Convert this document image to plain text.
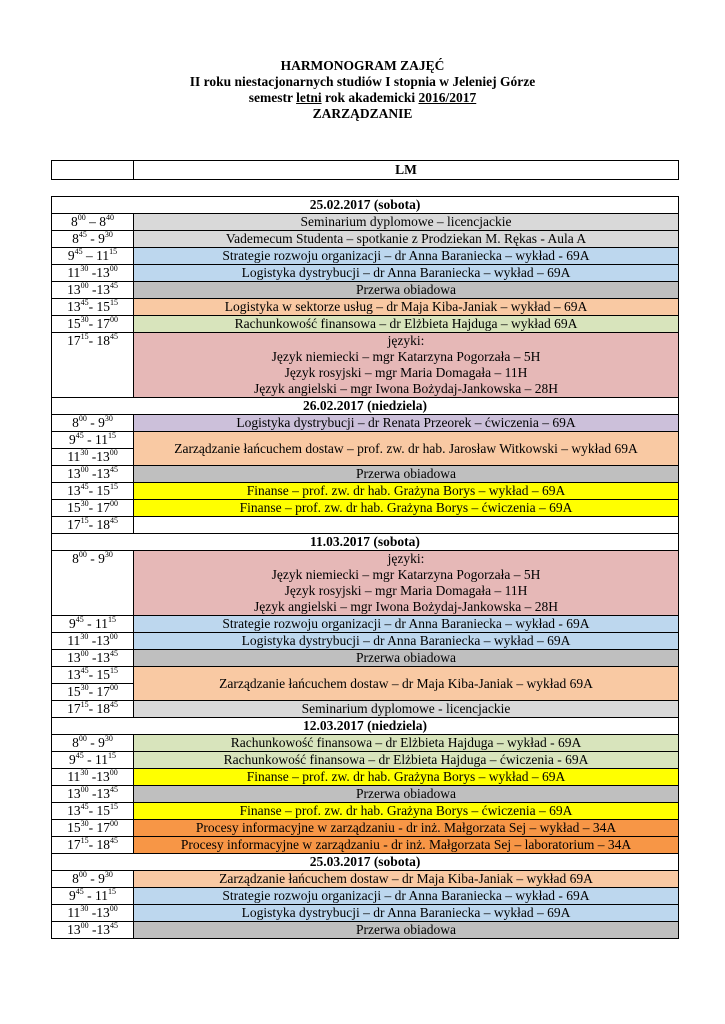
HARMONOGRAM ZAJĘĆ
II roku niestacjonarnych studiów I stopnia w Jeleniej Górze
semestr letni rok akademicki 2016/2017
ZARZĄDZANIE
	LM
25.02.2017 (sobota)	
$8^{00} - 8^{40}$	Seminarium dyplomowe – licencjackie

$8^{45} - 9^{30}$	Vademecum Studenta – spotkanie z Prodziekan M. Rękas - Aula A

$9^{45} - 11^{15}$	Strategie rozwoju organizacji – dr Anna Baraniecka – wykład - 69A

$11^{30}$ $-13^{00}$	Logistyka dystrybucji – dr Anna Baraniecka – wykład – 69A

$13^{00}$ $-13^{45}$	Przerwa obiadowa

$13^{45}-$ $15^{15}$	Logistyka w sektorze usług – dr Maja Kiba-Janiak – wykład – 69A

$15^{30}-$ $17^{00}$	Rachunkowość finansowa – dr Elżbieta Hajduga – wykład 69A

$17^{15}-$ $18^{45}$	języki:
Język niemiecki – mgr Katarzyna Pogorzała – 5H
Język rosyjski – mgr Maria Domagała – 11H
Język angielski – mgr Iwona Bożydaj-Jankowska – 28H

26.02.2017 (niedziela)	
$8^{00} - 9^{30}$	Logistyka dystrybucji – dr Renata Przeorek – ćwiczenia – 69A

$9^{45} - 11^{15}$	Zarządzanie łańcuchem dostaw – prof. zw. dr hab. Jarosław Witkowski – wykład 69A

$11^{30}$ $-13^{00}$
$13^{00}$ $-13^{45}$	Przerwa obiadowa

$13^{45}-$ $15^{15}$	Finanse – prof. zw. dr hab. Grażyna Borys – wykład – 69A

$15^{30}-$ $17^{00}$	Finanse – prof. zw. dr hab. Grażyna Borys – ćwiczenia – 69A

$17^{15}-$ $18^{45}$	

11.03.2017 (sobota)	
$8^{00} - 9^{30}$	języki:
Język niemiecki – mgr Katarzyna Pogorzała – 5H
Język rosyjski – mgr Maria Domagała – 11H
Język angielski – mgr Iwona Bożydaj-Jankowska – 28H

$9^{45} - 11^{15}$	Strategie rozwoju organizacji – dr Anna Baraniecka – wykład - 69A

$11^{30}$ $-13^{00}$	Logistyka dystrybucji – dr Anna Baraniecka – wykład – 69A

$13^{00}$ $-13^{45}$	Przerwa obiadowa

$13^{45}-$ $15^{15}$	Zarządzanie łańcuchem dostaw – dr Maja Kiba-Janiak – wykład 69A

$15^{30}-$ $17^{00}$
$17^{15}-$ $18^{45}$	Seminarium dyplomowe - licencjackie

12.03.2017 (niedziela)	
$8^{00} - 9^{30}$	Rachunkowość finansowa – dr Elżbieta Hajduga – wykład - 69A

$9^{45} - 11^{15}$	Rachunkowość finansowa – dr Elżbieta Hajduga – ćwiczenia - 69A

$11^{30}$ $-13^{00}$	Finanse – prof. zw. dr hab. Grażyna Borys – wykład – 69A

$13^{00}$ $-13^{45}$	Przerwa obiadowa

$13^{45}-$ $15^{15}$	Finanse – prof. zw. dr hab. Grażyna Borys – ćwiczenia – 69A

$15^{30}-$ $17^{00}$	Procesy informacyjne w zarządzaniu - dr inż. Małgorzata Sej – wykład – 34A

$17^{15}-$ $18^{45}$	Procesy informacyjne w zarządzaniu - dr inż. Małgorzata Sej – laboratorium – 34A

25.03.2017 (sobota)	
$8^{00} - 9^{30}$	Zarządzanie łańcuchem dostaw – dr Maja Kiba-Janiak – wykład 69A

$9^{45} - 11^{15}$	Strategie rozwoju organizacji – dr Anna Baraniecka – wykład - 69A

$11^{30}$ $-13^{00}$	Logistyka dystrybucji – dr Anna Baraniecka – wykład – 69A

$13^{00}$ $-13^{45}$	Przerwa obiadowa
